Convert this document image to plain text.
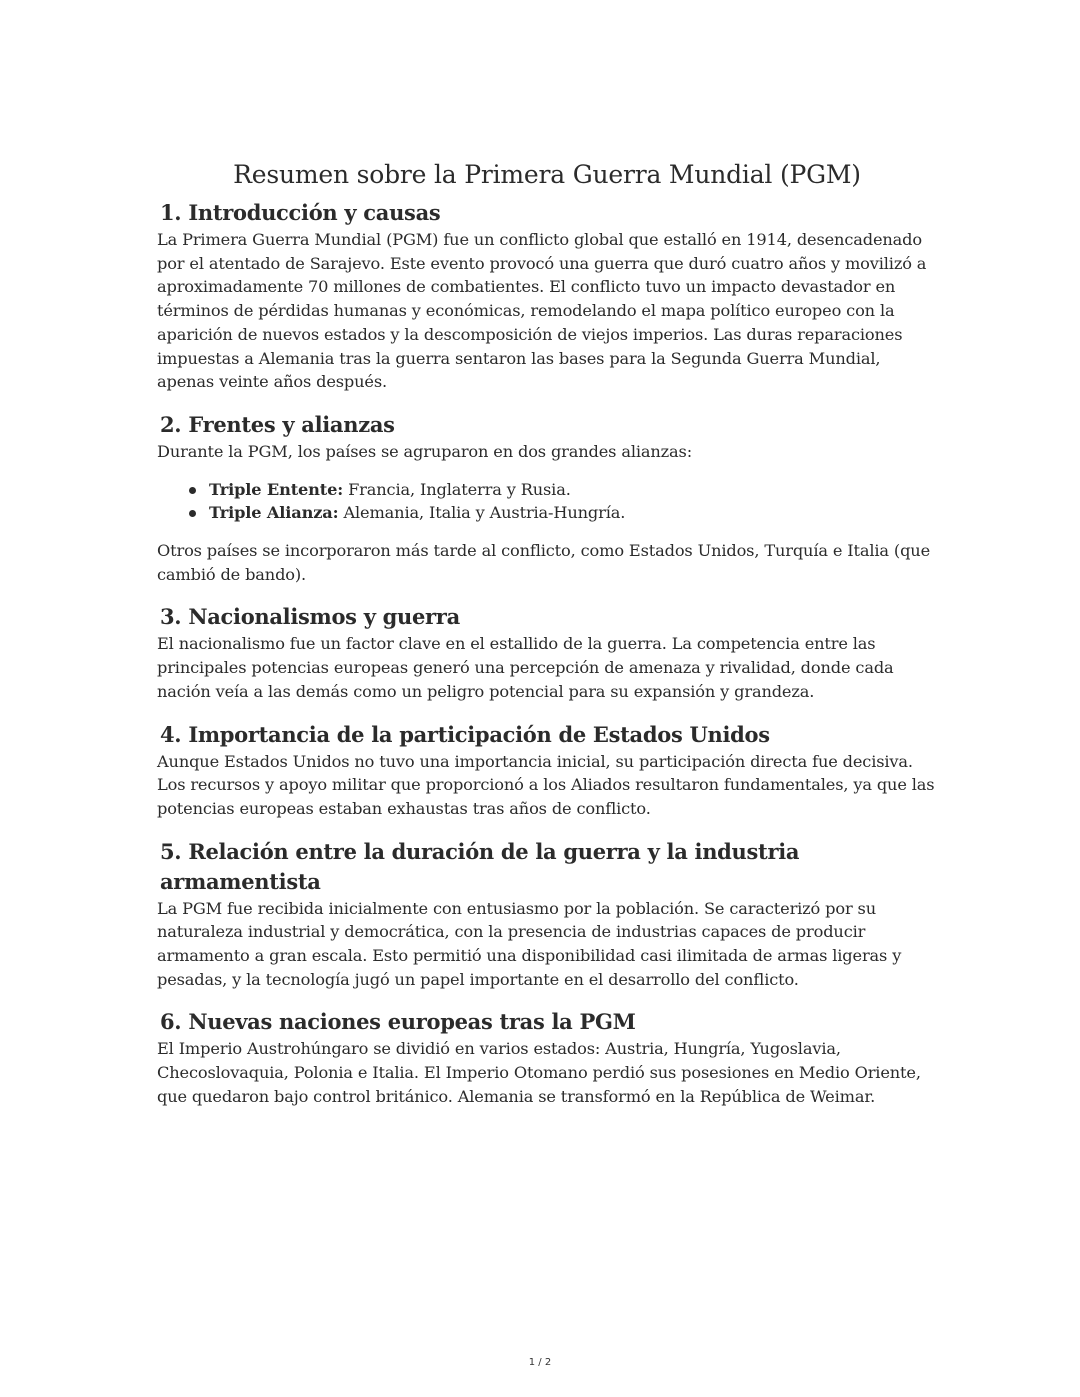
Resumen sobre la Primera Guerra Mundial (PGM)
1. Introducción y causas

La Primera Guerra Mundial (PGM) fue un conflicto global que estalló en 1914, desencadenado por el atentado de Sarajevo. Este evento provocó una guerra que duró cuatro años y movilizó a aproximadamente 70 millones de combatientes. El conflicto tuvo un impacto devastador en términos de pérdidas humanas y económicas, remodelando el mapa político europeo con la aparición de nuevos estados y la descomposición de viejos imperios. Las duras reparaciones impuestas a Alemania tras la guerra sentaron las bases para la Segunda Guerra Mundial, apenas veinte años después.

2. Frentes y alianzas

Durante la PGM, los países se agruparon en dos grandes alianzas:

Triple Entente: Francia, Inglaterra y Rusia.
Triple Alianza: Alemania, Italia y Austria-Hungría.

Otros países se incorporaron más tarde al conflicto, como Estados Unidos, Turquía e Italia (que cambió de bando).

3. Nacionalismos y guerra

El nacionalismo fue un factor clave en el estallido de la guerra. La competencia entre las principales potencias europeas generó una percepción de amenaza y rivalidad, donde cada nación veía a las demás como un peligro potencial para su expansión y grandeza.

4. Importancia de la participación de Estados Unidos

Aunque Estados Unidos no tuvo una importancia inicial, su participación directa fue decisiva. Los recursos y apoyo militar que proporcionó a los Aliados resultaron fundamentales, ya que las potencias europeas estaban exhaustas tras años de conflicto.

5. Relación entre la duración de la guerra y la industria armamentista

La PGM fue recibida inicialmente con entusiasmo por la población. Se caracterizó por su naturaleza industrial y democrática, con la presencia de industrias capaces de producir armamento a gran escala. Esto permitió una disponibilidad casi ilimitada de armas ligeras y pesadas, y la tecnología jugó un papel importante en el desarrollo del conflicto.

6. Nuevas naciones europeas tras la PGM

El Imperio Austrohúngaro se dividió en varios estados: Austria, Hungría, Yugoslavia, Checoslovaquia, Polonia e Italia. El Imperio Otomano perdió sus posesiones en Medio Oriente, que quedaron bajo control británico. Alemania se transformó en la República de Weimar.

1 / 2
